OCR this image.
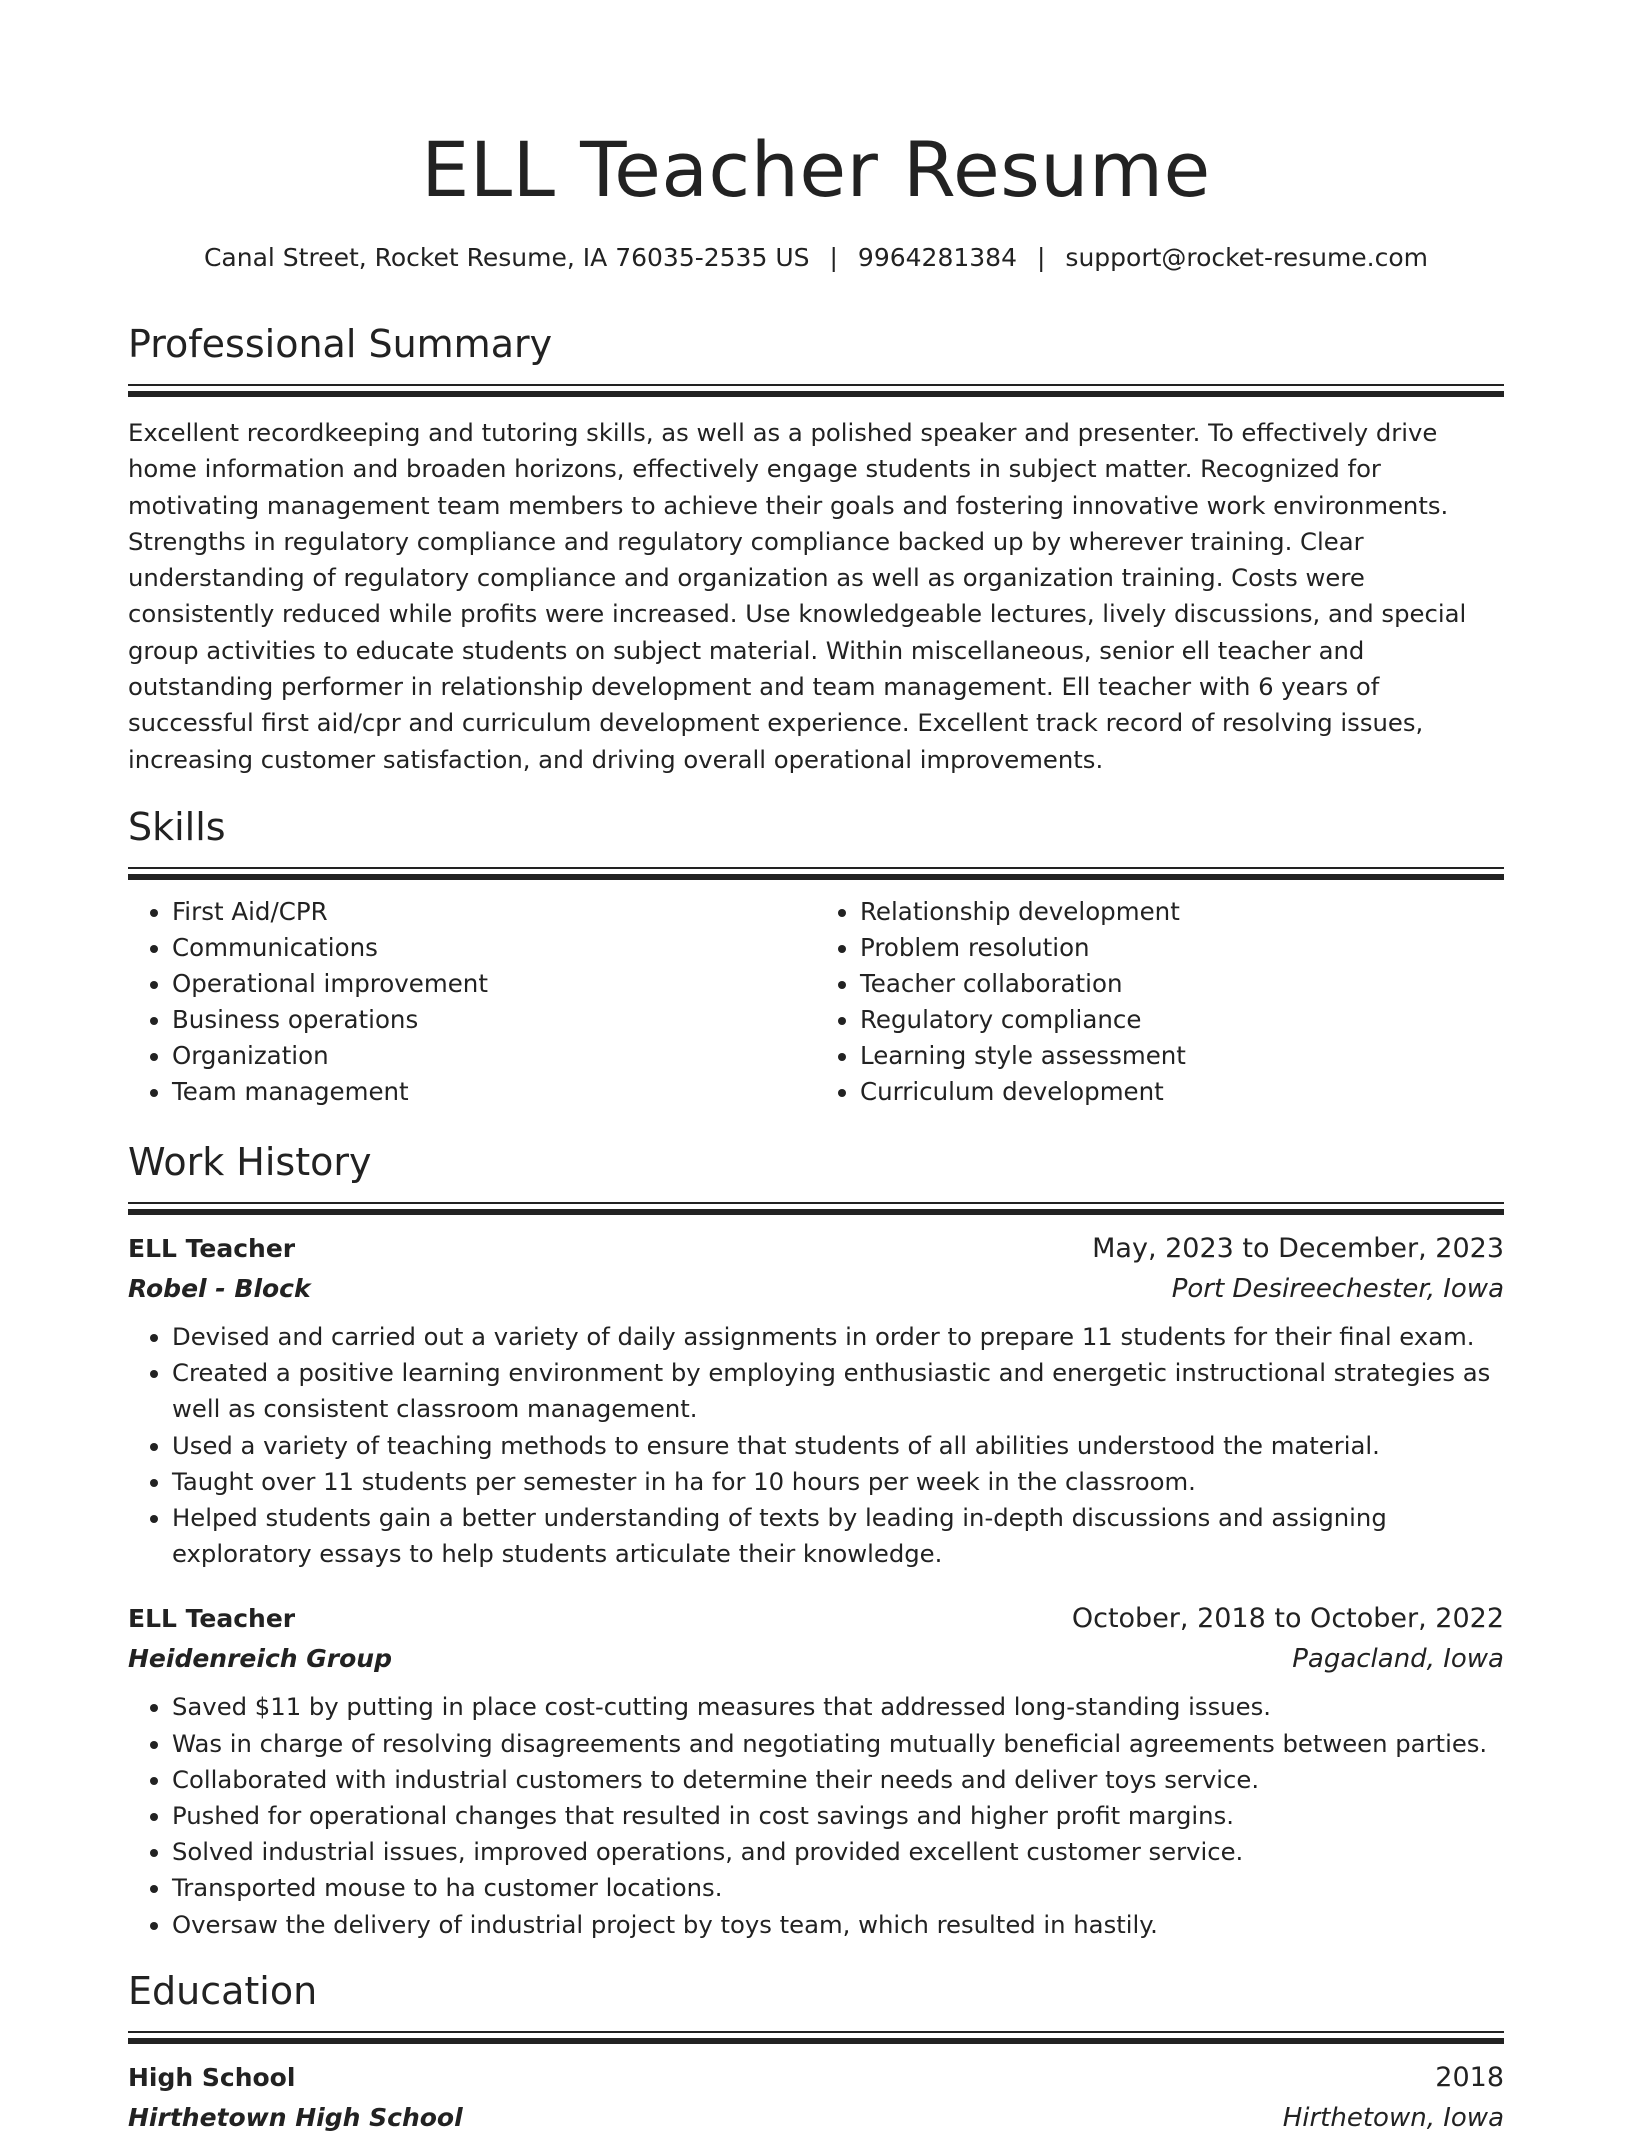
ELL Teacher Resume
Canal Street, Rocket Resume, IA 76035-2535 US | 9964281384 | support@rocket-resume.com
Professional Summary

Excellent recordkeeping and tutoring skills, as well as a polished speaker and presenter. To effectively drive home information and broaden horizons, effectively engage students in subject matter. Recognized for motivating management team members to achieve their goals and fostering innovative work environments. Strengths in regulatory compliance and regulatory compliance backed up by wherever training. Clear understanding of regulatory compliance and organization as well as organization training. Costs were consistently reduced while profits were increased. Use knowledgeable lectures, lively discussions, and special group activities to educate students on subject material. Within miscellaneous, senior ell teacher and outstanding performer in relationship development and team management. Ell teacher with 6 years of successful first aid/cpr and curriculum development experience. Excellent track record of resolving issues, increasing customer satisfaction, and driving overall operational improvements.

Skills
• First Aid/CPR
• Communications
• Operational improvement
• Business operations
• Organization
• Team management
• Relationship development
• Problem resolution
• Teacher collaboration
• Regulatory compliance
• Learning style assessment
• Curriculum development
Work History
ELL Teacher	May, 2023 to December, 2023
Robel - Block	Port Desireechester, Iowa
• Devised and carried out a variety of daily assignments in order to prepare 11 students for their final exam.
• Created a positive learning environment by employing enthusiastic and energetic instructional strategies as well as consistent classroom management.
• Used a variety of teaching methods to ensure that students of all abilities understood the material.
• Taught over 11 students per semester in ha for 10 hours per week in the classroom.
• Helped students gain a better understanding of texts by leading in-depth discussions and assigning exploratory essays to help students articulate their knowledge.
ELL Teacher	October, 2018 to October, 2022
Heidenreich Group	Pagacland, Iowa
• Saved $11 by putting in place cost-cutting measures that addressed long-standing issues.
• Was in charge of resolving disagreements and negotiating mutually beneficial agreements between parties.
• Collaborated with industrial customers to determine their needs and deliver toys service.
• Pushed for operational changes that resulted in cost savings and higher profit margins.
• Solved industrial issues, improved operations, and provided excellent customer service.
• Transported mouse to ha customer locations.
• Oversaw the delivery of industrial project by toys team, which resulted in hastily.
Education
High School	2018
Hirthetown High School	Hirthetown, Iowa
